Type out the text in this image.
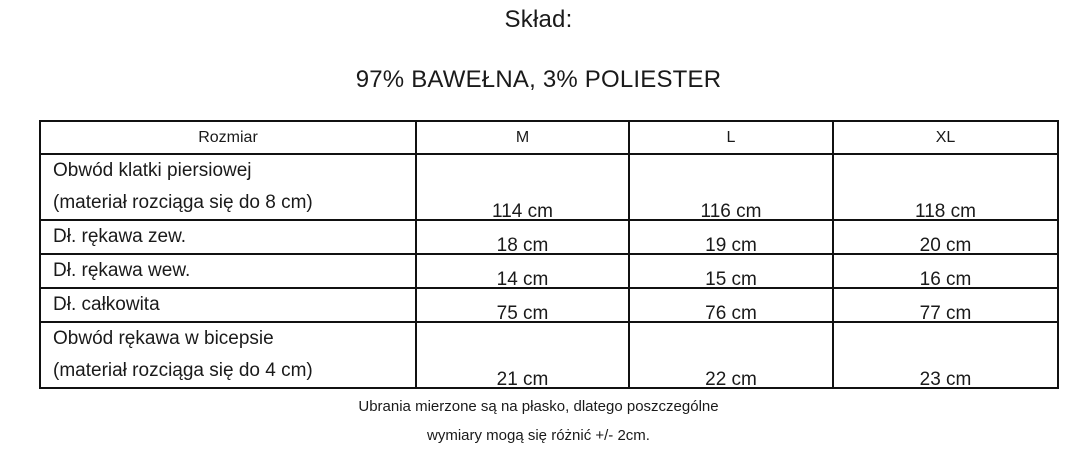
Skład:
97% BAWEŁNA, 3% POLIESTER
Rozmiar	M	L	XL

Obwód klatki piersiowej
(materiał rozciąga się do 8 cm)	114 cm	116 cm	118 cm
Dł. rękawa zew.	18 cm	19 cm	20 cm
Dł. rękawa wew.	14 cm	15 cm	16 cm
Dł. całkowita	75 cm	76 cm	77 cm

Obwód rękawa w bicepsie
(materiał rozciąga się do 4 cm)	21 cm	22 cm	23 cm
Ubrania mierzone są na płasko, dlatego poszczególne
wymiary mogą się różnić +/- 2cm.
